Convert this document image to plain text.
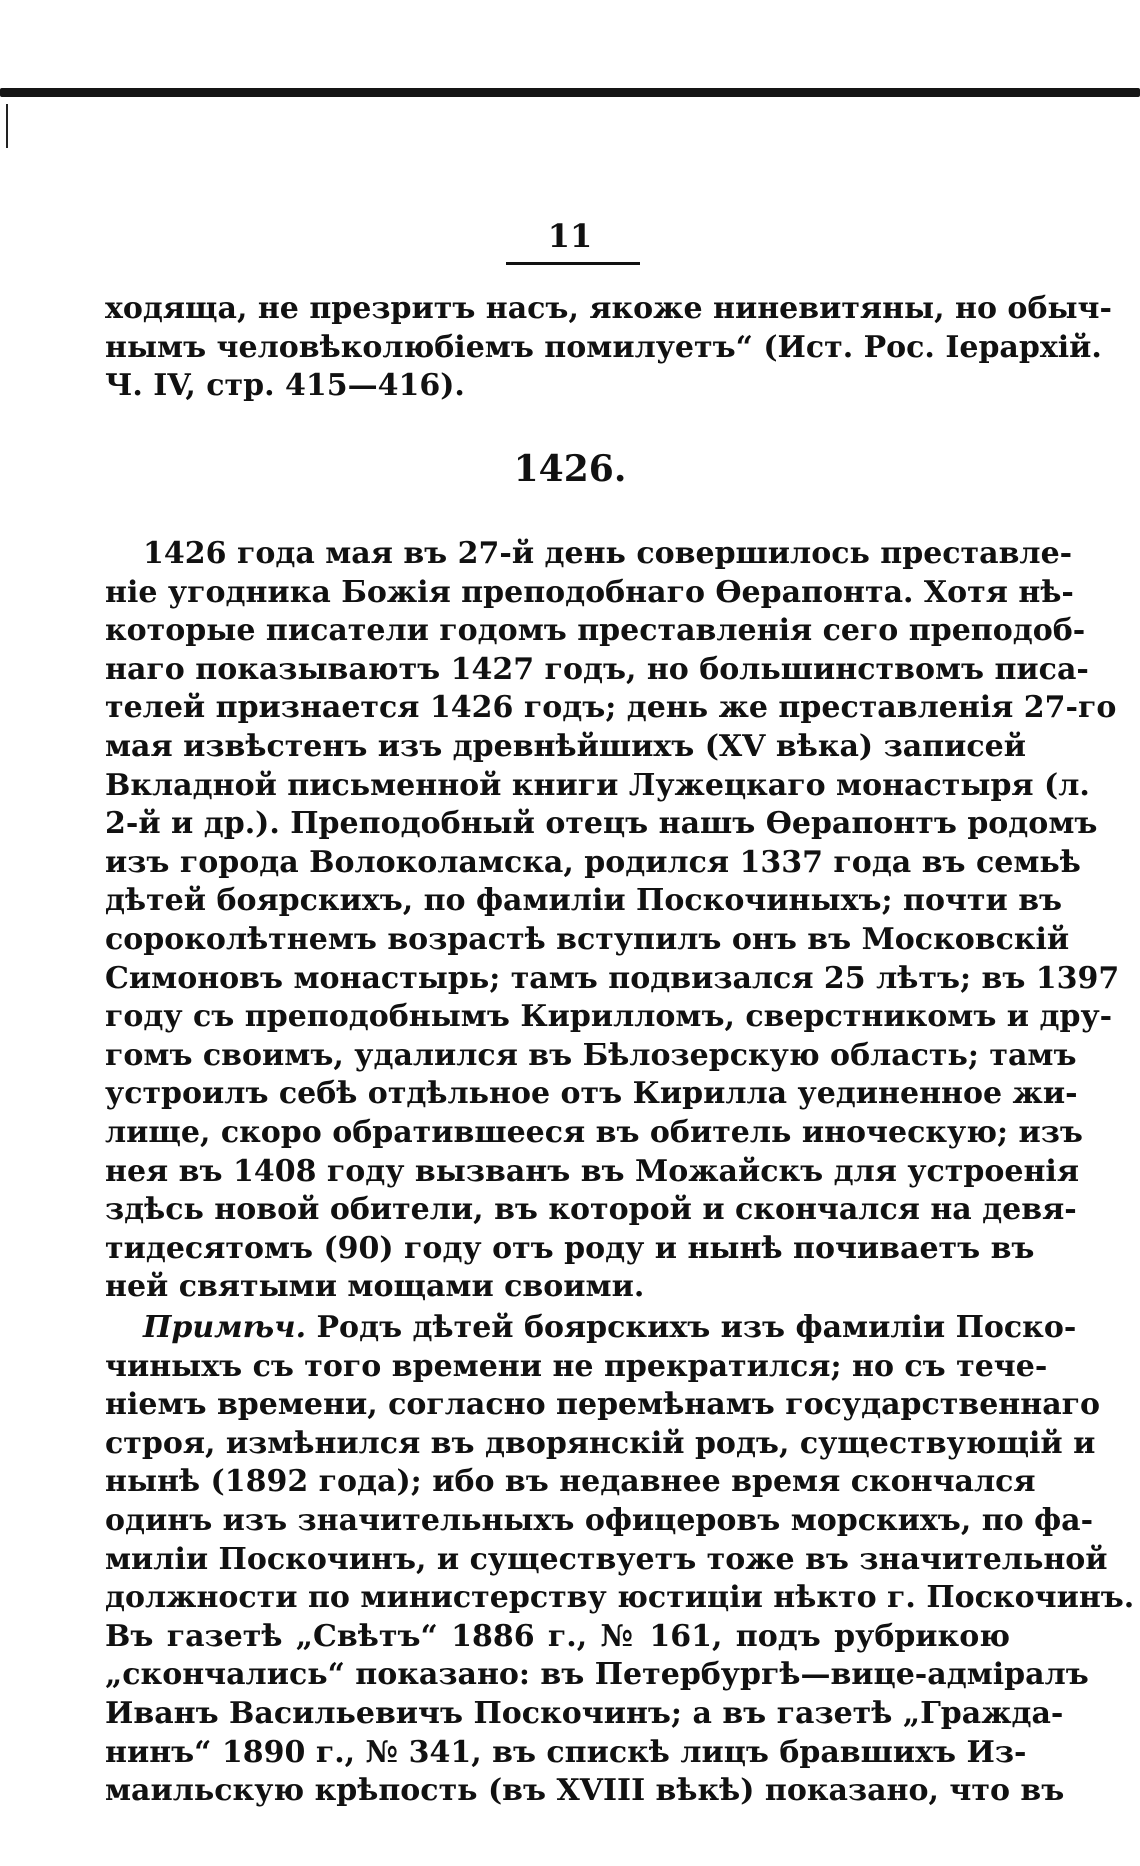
11
ходяща, не презритъ насъ, якоже ниневитяны, но обыч-
нымъ человѣколюбіемъ помилуетъ“ (Ист. Рос. Іерархій.
Ч. IV, стр. 415—416).
1426.
1426 года мая въ 27-й день совершилось преставле-
ніе угодника Божія преподобнаго Ѳерапонта. Хотя нѣ-
которые писатели годомъ преставленія сего преподоб-
наго показываютъ 1427 годъ, но большинствомъ писа-
телей признается 1426 годъ; день же преставленія 27-го
мая извѣстенъ изъ древнѣйшихъ (XV вѣка) записей
Вкладной письменной книги Лужецкаго монастыря (л.
2-й и др.). Преподобный отецъ нашъ Ѳерапонтъ родомъ
изъ города Волоколамска, родился 1337 года въ семьѣ
дѣтей боярскихъ, по фамиліи Поскочиныхъ; почти въ
сороколѣтнемъ возрастѣ вступилъ онъ въ Московскій
Симоновъ монастырь; тамъ подвизался 25 лѣтъ; въ 1397
году съ преподобнымъ Кирилломъ, сверстникомъ и дру-
гомъ своимъ, удалился въ Бѣлозерскую область; тамъ
устроилъ себѣ отдѣльное отъ Кирилла уединенное жи-
лище, скоро обратившееся въ обитель иноческую; изъ
нея въ 1408 году вызванъ въ Можайскъ для устроенія
здѣсь новой обители, въ которой и скончался на девя-
тидесятомъ (90) году отъ роду и нынѣ почиваетъ въ
ней святыми мощами своими.
Примѣч. Родъ дѣтей боярскихъ изъ фамиліи Поско-
чиныхъ съ того времени не прекратился; но съ тече-
ніемъ времени, согласно перемѣнамъ государственнаго
строя, измѣнился въ дворянскій родъ, существующій и
нынѣ (1892 года); ибо въ недавнее время скончался
одинъ изъ значительныхъ офицеровъ морскихъ, по фа-
миліи Поскочинъ, и существуетъ тоже въ значительной
должности по министерству юстиціи нѣкто г. Поскочинъ.
Въ газетѣ „Свѣтъ“ 1886 г., № 161, подъ рубрикою
„скончались“ показано: въ Петербургѣ—вице-адміралъ
Иванъ Васильевичъ Поскочинъ; а въ газетѣ „Гражда-
нинъ“ 1890 г., № 341, въ спискѣ лицъ бравшихъ Из-
маильскую крѣпость (въ XVIII вѣкѣ) показано, что въ
